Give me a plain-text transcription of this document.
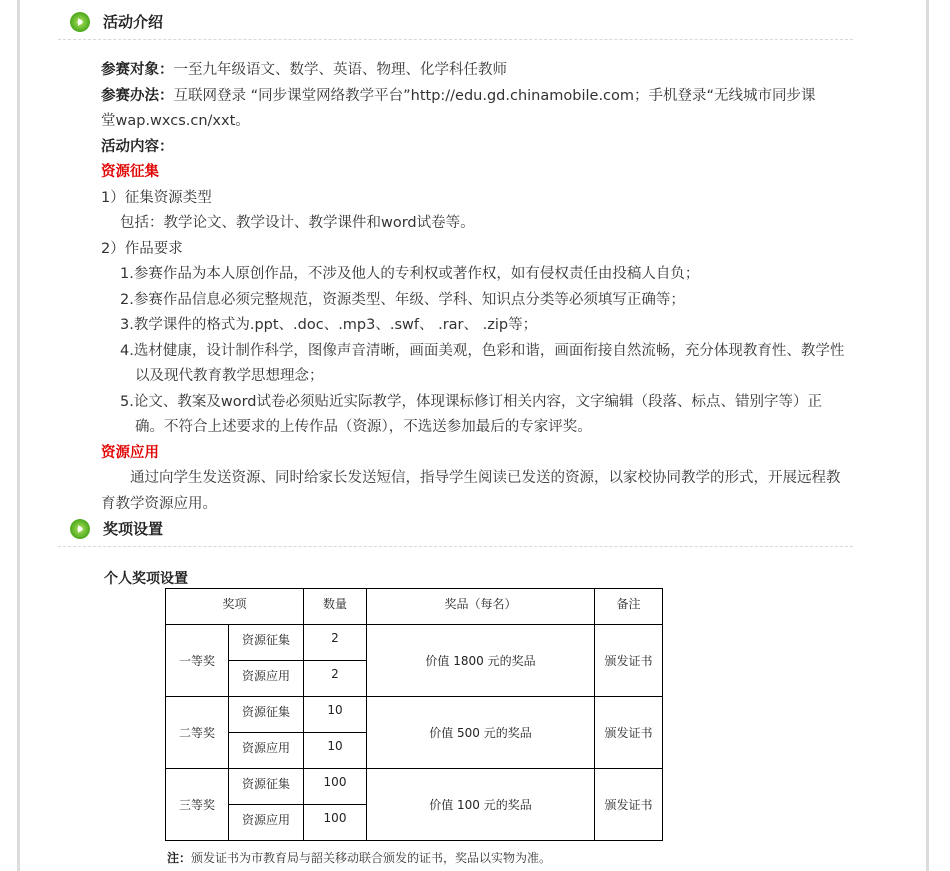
活动介绍
参赛对象：一至九年级语文、数学、英语、物理、化学科任教师
参赛办法：互联网登录 “同步课堂网络教学平台”http://edu.gd.chinamobile.com；手机登录“无线城市同步课
堂wap.wxcs.cn/xxt。
活动内容：
资源征集
1）征集资源类型
包括：教学论文、教学设计、教学课件和word试卷等。
2）作品要求
1.参赛作品为本人原创作品，不涉及他人的专利权或著作权，如有侵权责任由投稿人自负；
2.参赛作品信息必须完整规范，资源类型、年级、学科、知识点分类等必须填写正确等；
3.教学课件的格式为.ppt、.doc、.mp3、.swf、 .rar、 .zip等；
4.选材健康，设计制作科学，图像声音清晰，画面美观，色彩和谐，画面衔接自然流畅，充分体现教育性、教学性
以及现代教育教学思想理念；
5.论文、教案及word试卷必须贴近实际教学，体现课标修订相关内容，文字编辑（段落、标点、错别字等）正
确。不符合上述要求的上传作品（资源），不选送参加最后的专家评奖。
资源应用
通过向学生发送资源、同时给家长发送短信，指导学生阅读已发送的资源，以家校协同教学的形式，开展远程教
育教学资源应用。
奖项设置
个人奖项设置
奖项		数量	奖品（每名）	备注
一等奖	资源征集	2	价值 1800 元的奖品	颁发证书
	资源应用	2		
二等奖	资源征集	10	价值 500 元的奖品	颁发证书
	资源应用	10		
三等奖	资源征集	100	价值 100 元的奖品	颁发证书
	资源应用	100		
注：颁发证书为市教育局与韶关移动联合颁发的证书，奖品以实物为准。
